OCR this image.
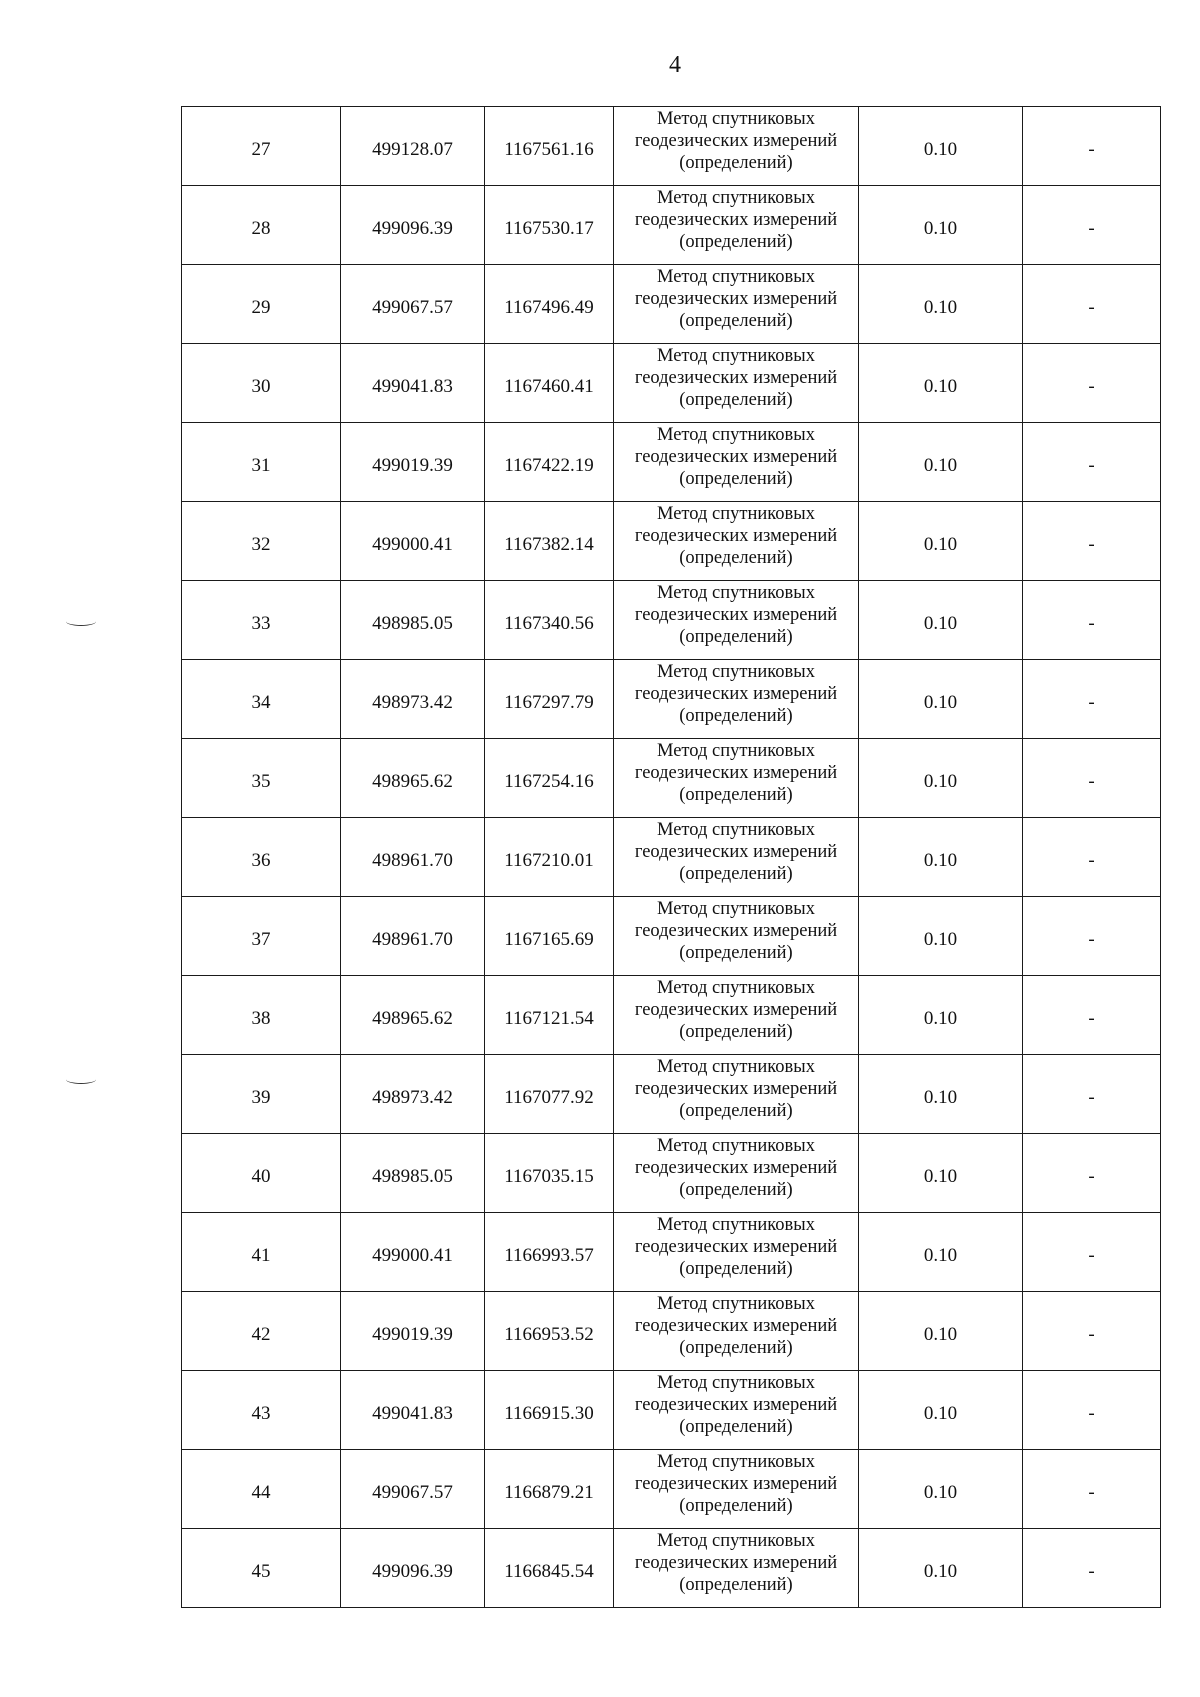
4
27	499128.07	1167561.16	Метод спутниковых
геодезических измерений
(определений)	0.10	-
28	499096.39	1167530.17	Метод спутниковых
геодезических измерений
(определений)	0.10	-
29	499067.57	1167496.49	Метод спутниковых
геодезических измерений
(определений)	0.10	-
30	499041.83	1167460.41	Метод спутниковых
геодезических измерений
(определений)	0.10	-
31	499019.39	1167422.19	Метод спутниковых
геодезических измерений
(определений)	0.10	-
32	499000.41	1167382.14	Метод спутниковых
геодезических измерений
(определений)	0.10	-
33	498985.05	1167340.56	Метод спутниковых
геодезических измерений
(определений)	0.10	-
34	498973.42	1167297.79	Метод спутниковых
геодезических измерений
(определений)	0.10	-
35	498965.62	1167254.16	Метод спутниковых
геодезических измерений
(определений)	0.10	-
36	498961.70	1167210.01	Метод спутниковых
геодезических измерений
(определений)	0.10	-
37	498961.70	1167165.69	Метод спутниковых
геодезических измерений
(определений)	0.10	-
38	498965.62	1167121.54	Метод спутниковых
геодезических измерений
(определений)	0.10	-
39	498973.42	1167077.92	Метод спутниковых
геодезических измерений
(определений)	0.10	-
40	498985.05	1167035.15	Метод спутниковых
геодезических измерений
(определений)	0.10	-
41	499000.41	1166993.57	Метод спутниковых
геодезических измерений
(определений)	0.10	-
42	499019.39	1166953.52	Метод спутниковых
геодезических измерений
(определений)	0.10	-
43	499041.83	1166915.30	Метод спутниковых
геодезических измерений
(определений)	0.10	-
44	499067.57	1166879.21	Метод спутниковых
геодезических измерений
(определений)	0.10	-
45	499096.39	1166845.54	Метод спутниковых
геодезических измерений
(определений)	0.10	-
